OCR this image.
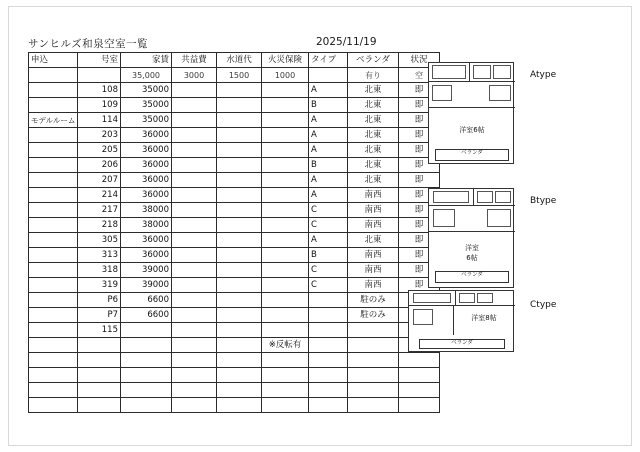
サンヒルズ和泉空室一覧	2025/11/19
申込	号室	家賃	共益費	水道代	火災保険	タイプ	ベランダ	状況
		35,000	3000	1500	1000		有り	空
	108	35000				A	北東	即
	109	35000				B	北東	即
モデルルーム	114	35000				A	北東	即
	203	36000				A	北東	即
	205	36000				A	北東	即
	206	36000				B	北東	即
	207	36000				A	北東	即
	214	36000				A	南西	即
	217	38000				C	南西	即
	218	38000				C	南西	即
	305	36000				A	北東	即
	313	36000				B	南西	即
	318	39000				C	南西	即
	319	39000				C	南西	即
	P6	6600					駐のみ	
	P7	6600					駐のみ	
	115							
					※反転有			

洋室6帖
ベランダ
Atype
洋室
6帖
ベランダ
Btype
洋室8帖
ベランダ
Ctype
